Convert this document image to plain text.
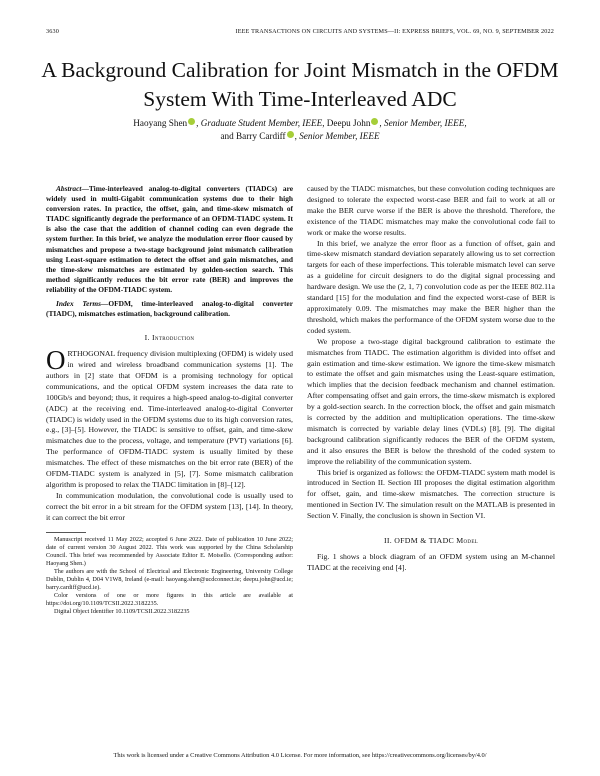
3630	IEEE TRANSACTIONS ON CIRCUITS AND SYSTEMS—II: EXPRESS BRIEFS, VOL. 69, NO. 9, SEPTEMBER 2022
A Background Calibration for Joint Mismatch in the OFDM System With Time-Interleaved ADC
Haoyang Shen , Graduate Student Member, IEEE, Deepu John , Senior Member, IEEE,
and Barry Cardiff , Senior Member, IEEE

Abstract—Time-interleaved analog-to-digital converters (TIADCs) are widely used in multi-Gigabit communication systems due to their high conversion rates. In practice, the offset, gain, and time-skew mismatch of TIADC significantly degrade the performance of an OFDM-TIADC system. It is also the case that the addition of channel coding can even degrade the system further. In this brief, we analyze the modulation error floor caused by mismatches and propose a two-stage background joint mismatch calibration using Least-square estimation to detect the offset and gain mismatches, and the time-skew mismatches are estimated by golden-section search. This method significantly reduces the bit error rate (BER) and improves the reliability of the OFDM-TIADC system.

Index Terms—OFDM, time-interleaved analog-to-digital converter (TIADC), mismatches estimation, background calibration.

I. Introduction

ORTHOGONAL frequency division multiplexing (OFDM) is widely used in wired and wireless broadband communication systems [1]. The authors in [2] state that OFDM is a promising technology for optical communications, and the optical OFDM system increases the data rate to 100Gb/s and beyond; thus, it requires a high-speed analog-to-digital converter (ADC) at the receiving end. Time-interleaved analog-to-digital Converter (TIADC) is widely used in the OFDM systems due to its high conversion rates, e.g., [3]–[5]. However, the TIADC is sensitive to offset, gain, and time-skew mismatches due to the process, voltage, and temperature (PVT) variations [6]. The performance of OFDM-TIADC system is usually limited by these mismatches. The effect of these mismatches on the bit error rate (BER) of the OFDM-TIADC system is analyzed in [5], [7]. Some mismatch calibration algorithm is proposed to relax the TIADC limitation in [8]–[12].

In communication modulation, the convolutional code is usually used to correct the bit error in a bit stream for the OFDM system [13], [14]. In theory, it can correct the bit error

Manuscript received 11 May 2022; accepted 6 June 2022. Date of publication 10 June 2022; date of current version 30 August 2022. This work was supported by the China Scholarship Council. This brief was recommended by Associate Editor E. Moisello. (Corresponding author: Haoyang Shen.)

The authors are with the School of Electrical and Electronic Engineering, University College Dublin, Dublin 4, D04 V1W8, Ireland (e-mail: haoyang.shen@ucdconnect.ie; deepu.john@ucd.ie; barry.cardiff@ucd.ie).

Color versions of one or more figures in this article are available at https://doi.org/10.1109/TCSII.2022.3182235.

Digital Object Identifier 10.1109/TCSII.2022.3182235

caused by the TIADC mismatches, but these convolution coding techniques are designed to tolerate the expected worst-case BER and fail to work at all or make the BER curve worse if the BER is above the threshold. Therefore, the existence of the TIADC mismatches may make the convolutional code fail to work or make the worse results.

In this brief, we analyze the error floor as a function of offset, gain and time-skew mismatch standard deviation separately allowing us to set correction targets for each of these imperfections. This tolerable mismatch level can serve as a guideline for circuit designers to do the digital signal processing and hardware design. We use the (2, 1, 7) convolution code as per the IEEE 802.11a standard [15] for the modulation and find the expected worst-case of BER is approximately 0.09. The mismatches may make the BER higher than the threshold, which makes the performance of the OFDM system worse due to the coded system.

We propose a two-stage digital background calibration to estimate the mismatches from TIADC. The estimation algorithm is divided into offset and gain estimation and time-skew estimation. We ignore the time-skew mismatch to estimate the offset and gain mismatches using the Least-square estimation, which implies that the decision feedback mechanism and channel estimation. After compensating offset and gain errors, the time-skew mismatch is explored by a gold-section search. In the correction block, the offset and gain mismatch is corrected by the addition and multiplication operations. The time-skew mismatch is corrected by variable delay lines (VDLs) [8], [9]. The digital background calibration significantly reduces the BER of the OFDM system, and it also ensures the BER is below the threshold of the coded system to improve the reliability of the communication system.

This brief is organized as follows: the OFDM-TIADC system math model is introduced in Section II. Section III proposes the digital estimation algorithm for offset, gain, and time-skew mismatches. The correction structure is mentioned in Section IV. The simulation result on the MATLAB is presented in Section V. Finally, the conclusion is shown in Section VI.

II. OFDM & TIADC Model

Fig. 1 shows a block diagram of an OFDM system using an M-channel TIADC at the receiving end [4].

This work is licensed under a Creative Commons Attribution 4.0 License. For more information, see https://creativecommons.org/licenses/by/4.0/
